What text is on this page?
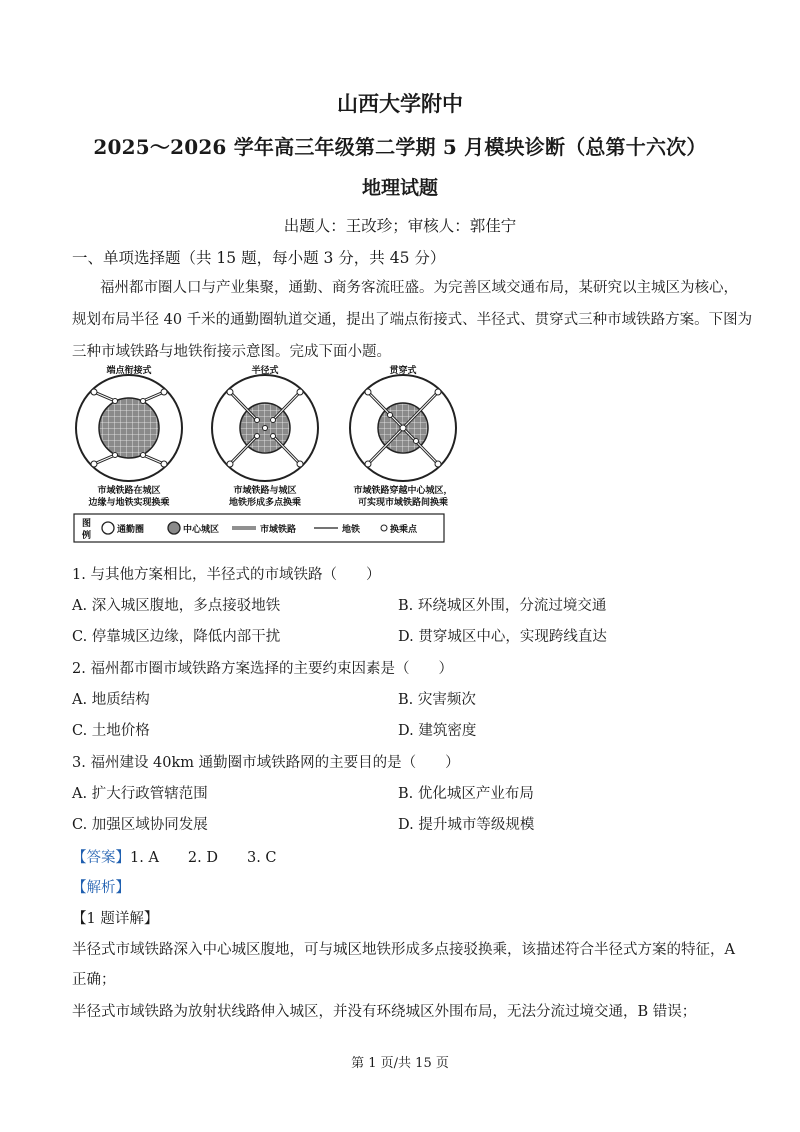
山西大学附中
2025～2026 学年高三年级第二学期 5 月模块诊断（总第十六次）
地理试题
出题人：王改珍；审核人：郭佳宁
一、单项选择题（共 15 题，每小题 3 分，共 45 分）
福州都市圈人口与产业集聚，通勤、商务客流旺盛。为完善区域交通布局，某研究以主城区为核心，
规划布局半径 40 千米的通勤圈轨道交通，提出了端点衔接式、半径式、贯穿式三种市域铁路方案。下图为
三种市域铁路与地铁衔接示意图。完成下面小题。
端点衔接式
市域铁路在城区
边缘与地铁实现换乘
半径式
市域铁路与城区
地铁形成多点换乘
贯穿式
市域铁路穿越中心城区，
可实现市域铁路间换乘
图
例
通勤圈	中心城区	市域铁路	地铁	换乘点
1. 与其他方案相比，半径式的市域铁路（　　）
A. 深入城区腹地，多点接驳地铁	B. 环绕城区外围，分流过境交通
C. 停靠城区边缘，降低内部干扰	D. 贯穿城区中心，实现跨线直达
2. 福州都市圈市域铁路方案选择的主要约束因素是（　　）
A. 地质结构	B. 灾害频次
C. 土地价格	D. 建筑密度
3. 福州建设 40km 通勤圈市域铁路网的主要目的是（　　）
A. 扩大行政管辖范围	B. 优化城区产业布局
C. 加强区域协同发展	D. 提升城市等级规模
【答案】1. A　　2. D　　3. C
【解析】
【1 题详解】
半径式市域铁路深入中心城区腹地，可与城区地铁形成多点接驳换乘，该描述符合半径式方案的特征，A
正确；
半径式市域铁路为放射状线路伸入城区，并没有环绕城区外围布局，无法分流过境交通，B 错误；
第 1 页/共 15 页
